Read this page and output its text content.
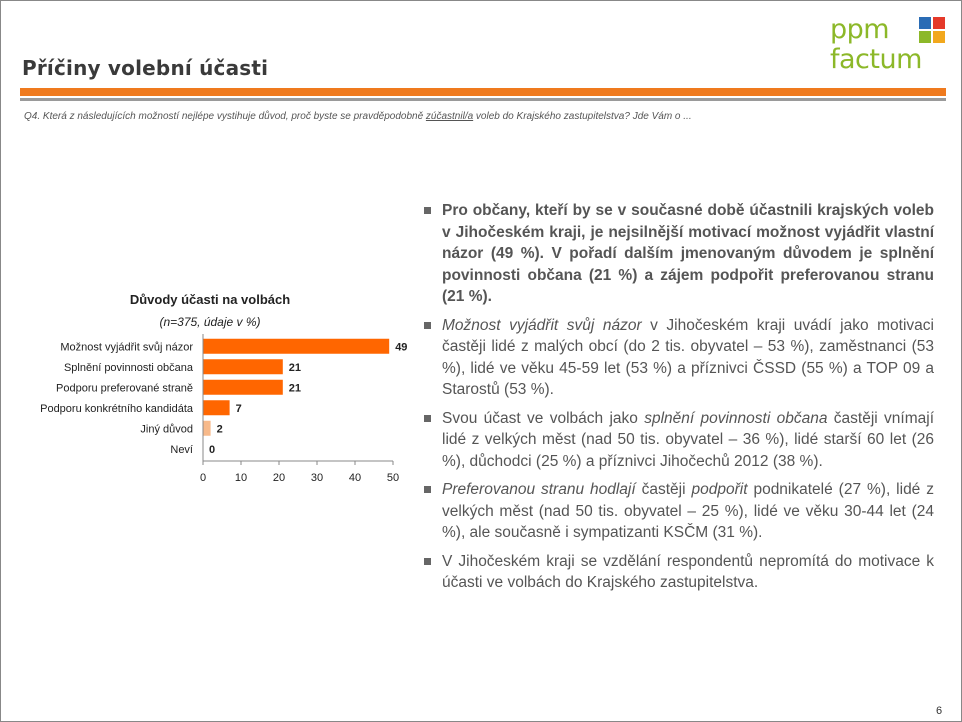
Příčiny volební účasti
ppm
factum
Q4. Která z následujících možností nejlépe vystihuje důvod, proč byste se pravděpodobně zúčastnil/a voleb do Krajského zastupitelstva? Jde Vám o ...
Důvody účasti na volbách
(n=375, údaje v %)
Možnost vyjádřit svůj názor	49
Splnění povinnosti občana	21
Podporu preferované straně	21
Podporu konkrétního kandidáta	7
Jiný důvod 2
Neví 0
0	10 20 30 40 50
Pro občany, kteří by se v současné době účastnili krajských voleb v Jihočeském kraji, je nejsilnější motivací možnost vyjádřit vlastní názor (49 %). V pořadí dalším jmenovaným důvodem je splnění povinnosti občana (21 %) a zájem podpořit preferovanou stranu (21 %).
Možnost vyjádřit svůj názor v Jihočeském kraji uvádí jako motivaci častěji lidé z malých obcí (do 2 tis. obyvatel – 53 %), zaměstnanci (53 %), lidé ve věku 45-59 let (53 %) a příznivci ČSSD (55 %) a TOP 09 a Starostů (53 %).
Svou účast ve volbách jako splnění povinnosti občana častěji vnímají lidé z velkých měst (nad 50 tis. obyvatel – 36 %), lidé starší 60 let (26 %), důchodci (25 %) a příznivci Jihočechů 2012 (38 %).
Preferovanou stranu hodlají častěji podpořit podnikatelé (27 %), lidé z velkých měst (nad 50 tis. obyvatel – 25 %), lidé ve věku 30-44 let (24 %), ale současně i sympatizanti KSČM (31 %).
V Jihočeském kraji se vzdělání respondentů nepromítá do motivace k účasti ve volbách do Krajského zastupitelstva.
6
